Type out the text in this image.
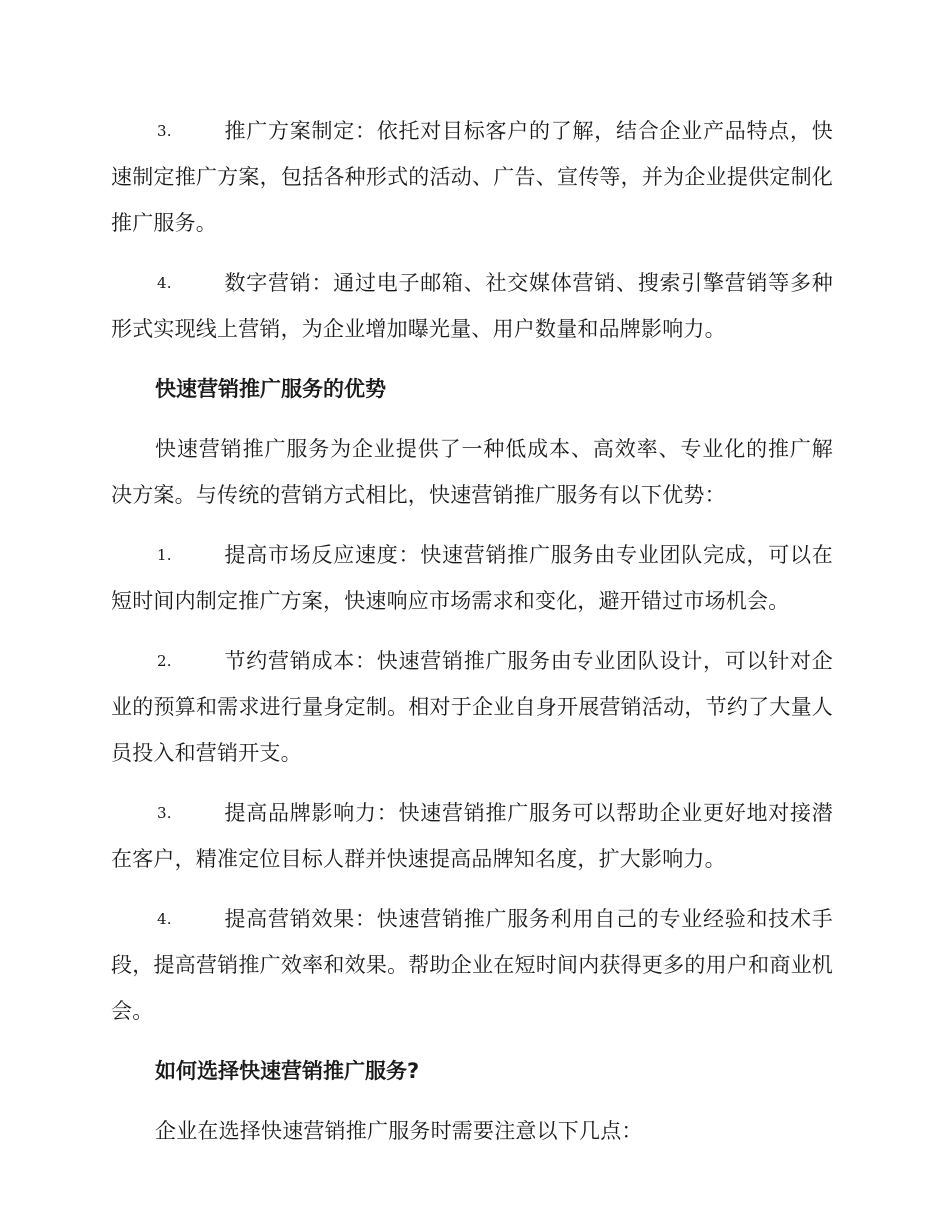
3. 推广方案制定：依托对目标客户的了解，结合企业产品特点，快速制定推广方案，包括各种形式的活动、广告、宣传等，并为企业提供定制化推广服务。
4. 数字营销：通过电子邮箱、社交媒体营销、搜索引擎营销等多种形式实现线上营销，为企业增加曝光量、用户数量和品牌影响力。
快速营销推广服务的优势
快速营销推广服务为企业提供了一种低成本、高效率、专业化的推广解决方案。与传统的营销方式相比，快速营销推广服务有以下优势：
1. 提高市场反应速度：快速营销推广服务由专业团队完成，可以在短时间内制定推广方案，快速响应市场需求和变化，避开错过市场机会。
2. 节约营销成本：快速营销推广服务由专业团队设计，可以针对企业的预算和需求进行量身定制。相对于企业自身开展营销活动，节约了大量人员投入和营销开支。
3. 提高品牌影响力：快速营销推广服务可以帮助企业更好地对接潜在客户，精准定位目标人群并快速提高品牌知名度，扩大影响力。
4. 提高营销效果：快速营销推广服务利用自己的专业经验和技术手段，提高营销推广效率和效果。帮助企业在短时间内获得更多的用户和商业机会。
如何选择快速营销推广服务?
企业在选择快速营销推广服务时需要注意以下几点：
